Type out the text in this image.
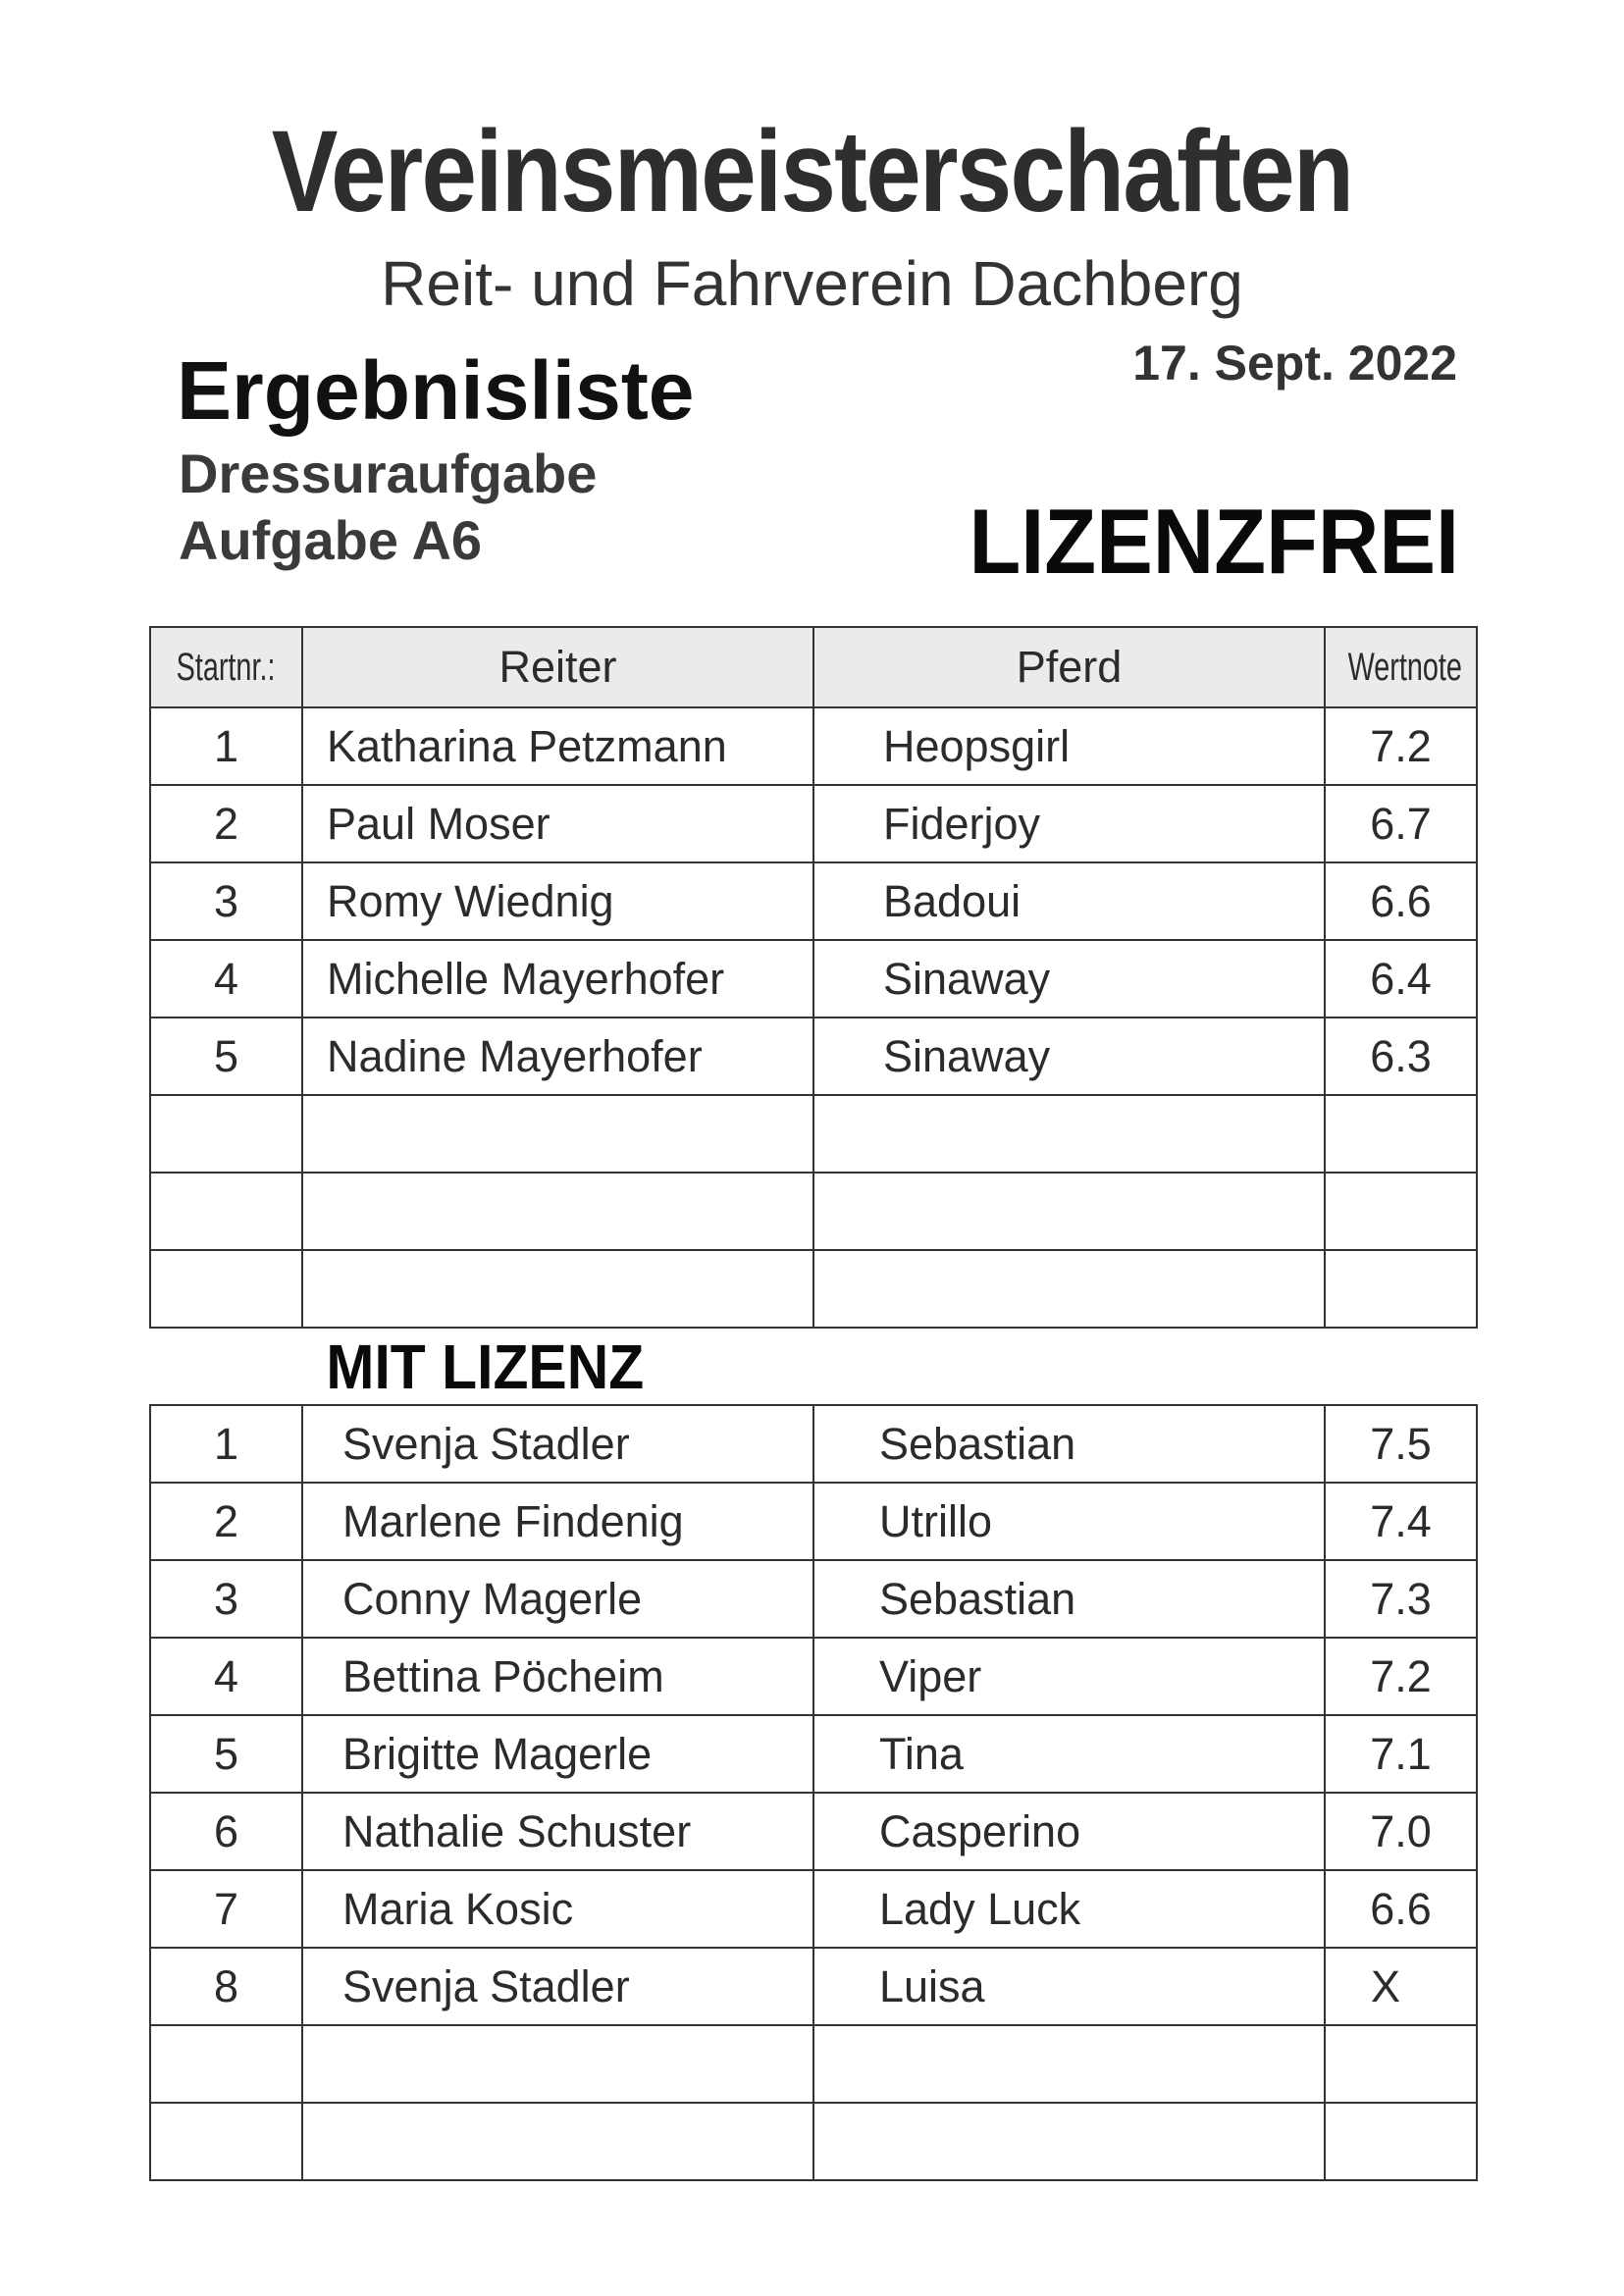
Vereinsmeisterschaften
Reit- und Fahrverein Dachberg
Ergebnisliste	17. Sept. 2022
Dressuraufgabe
Aufgabe A6	LIZENZFREI
Startnr.:	Reiter	Pferd	Wertnote
1	Katharina Petzmann	Heopsgirl	7.2
2	Paul Moser	Fiderjoy	6.7
3	Romy Wiednig	Badoui	6.6
4	Michelle Mayerhofer	Sinaway	6.4
5	Nadine Mayerhofer	Sinaway	6.3

MIT LIZENZ			
1	Svenja Stadler	Sebastian	7.5
2	Marlene Findenig	Utrillo	7.4
3	Conny Magerle	Sebastian	7.3
4	Bettina Pöcheim	Viper	7.2
5	Brigitte Magerle	Tina	7.1
6	Nathalie Schuster	Casperino	7.0
7	Maria Kosic	Lady Luck	6.6
8	Svenja Stadler	Luisa	X
